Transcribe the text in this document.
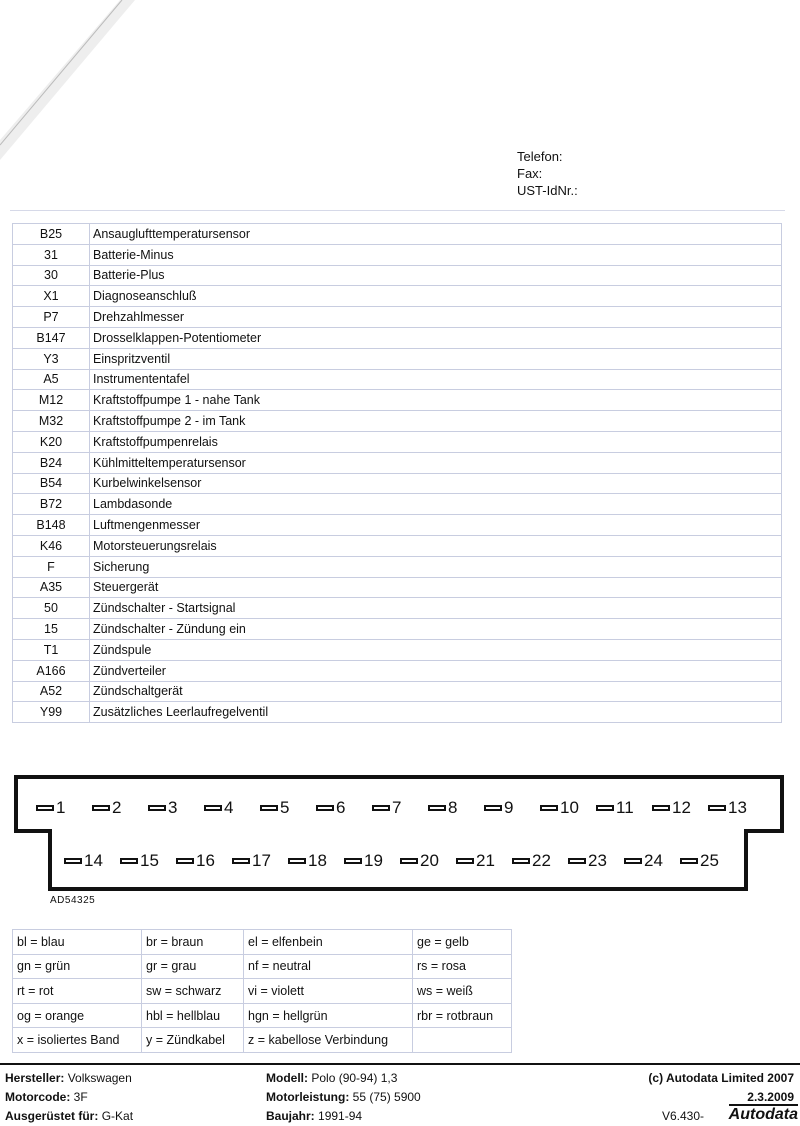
Telefon:
Fax:
UST-IdNr.:
B25	Ansauglufttemperatursensor
31	Batterie-Minus
30	Batterie-Plus
X1	Diagnoseanschluß
P7	Drehzahlmesser
B147	Drosselklappen-Potentiometer
Y3	Einspritzventil
A5	Instrumententafel
M12	Kraftstoffpumpe 1 - nahe Tank
M32	Kraftstoffpumpe 2 - im Tank
K20	Kraftstoffpumpenrelais
B24	Kühlmitteltemperatursensor
B54	Kurbelwinkelsensor
B72	Lambdasonde
B148	Luftmengenmesser
K46	Motorsteuerungsrelais
F	Sicherung
A35	Steuergerät
50	Zündschalter - Startsignal
15	Zündschalter - Zündung ein
T1	Zündspule
A166	Zündverteiler
A52	Zündschaltgerät
Y99	Zusätzliches Leerlaufregelventil
1	2	3	4	5	6	7	8	9	10 11 12 13
14 15 16 17 18 19 20 21 22 23 24 25
AD54325
bl = blau	br = braun	el = elfenbein	ge = gelb
gn = grün	gr = grau	nf = neutral	rs = rosa
rt = rot	sw = schwarz	vi = violett	ws = weiß
og = orange	hbl = hellblau	hgn = hellgrün	rbr = rotbraun
x = isoliertes Band	y = Zündkabel	z = kabellose Verbindung	
Hersteller: Volkswagen
Motorcode: 3F
Ausgerüstet für: G-Kat
Modell: Polo (90-94) 1,3
Motorleistung: 55 (75) 5900
Baujahr: 1991-94
(c) Autodata Limited 2007
2.3.2009
V6.430-	Autodata
